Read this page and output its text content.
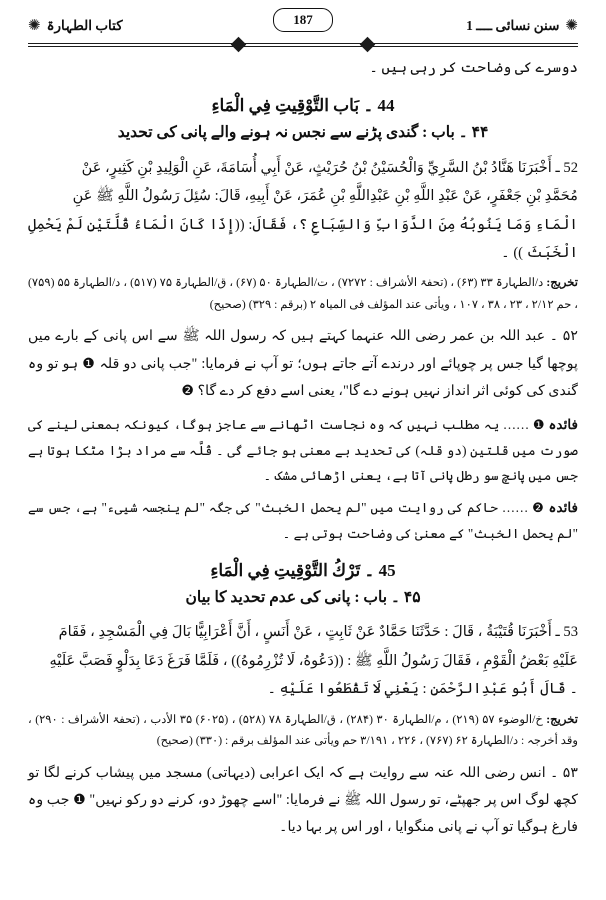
✺
سنن نسائی ــــ 1
کتاب الطہارۃ
✺	187

دوسرے کی وضاحت کر رہی ہیں ۔

44 ۔ بَاب التَّوْقِيتِ فِي الْمَاءِ
۴۴ ۔ باب : گندی پڑنے سے نجس نہ ہونے والے پانی کی تحدید

52 ـ أَخْبَرَنَا هَنَّادُ بْنُ السَّرِيِّ وَالْحُسَيْنُ بْنُ حُرَيْثٍ، عَنْ أَبِي أُسَامَةَ، عَنِ الْوَلِيدِ بْنِ كَثِيرٍ، عَنْ

مُحَمَّدِ بْنِ جَعْفَرٍ، عَنْ عَبْدِ اللَّهِ بْنِ عَبْدِاللَّهِ بْنِ عُمَرَ، عَنْ أَبِيهِ، قَالَ: سُئِلَ رَسُولُ اللَّهِ ﷺ عَنِ

الْمَاءِ وَمَا يَنُوبُهُ مِنَ الدَّوَابِّ وَالسِّبَاعِ ؟، فَقَالَ: ((إِذَا كَانَ الْمَاءُ قُلَّتَيْنِ لَمْ يَحْمِلِ الْخَبَثَ )) ۔

تخریج: د/الطہارۃ ۳۳ (۶۳) ، (تحفۃ الأشراف : ۷۲۷۲) ، ت/الطہارۃ ۵۰ (۶۷) ، ق/الطہارۃ ۷۵ (۵۱۷) ، د/الطہارۃ ۵۵ (۷۵۹) ، حم ۲/۱۲ ، ۲۳ ، ۳۸ ، ۱۰۷ ، ویأتی عند المؤلف فی المیاہ ۲ (برقم : ۳۲۹) (صحیح)

۵۲ ۔ عبد اللہ بن عمر رضی اللہ عنہما کہتے ہیں کہ رسول اللہ ﷺ سے اس پانی کے بارے میں پوچھا گیا جس پر چوپائے اور درندے آتے جاتے ہوں؛ تو آپ نے فرمایا: "جب پانی دو قلہ ❶ ہو تو وہ گندی کی کوئی اثر انداز نہیں ہونے دے گا"، یعنی اسے دفع کر دے گا؟ ❷

فائدہ ❶ …… یہ مطلب نہیں کہ وہ نجاست اٹھانے سے عاجز ہوگا، کیونکہ بمعنی لینے کی صورت میں قلتین (دو قلہ) کی تحدید بے معنی ہو جائے گی ۔ قُلَّہ سے مراد بڑا مٹکا ہوتا ہے جس میں پانچ سو رطل پانی آتا ہے، یعنی اڑھائی مشک ۔

فائدہ ❷ …… حاکم کی روایت میں "لم یحمل الخبث" کی جگہ "لم ینجسہ شییء" ہے، جس سے "لم یحمل الخبث" کے معنیٰ کی وضاحت ہوتی ہے ۔

45 ۔ تَرْكُ التَّوْقِيتِ فِي الْمَاءِ
۴۵ ۔ باب : پانی کی عدم تحدید کا بیان

53 ـ أَخْبَرَنَا قُتَيْبَةُ ، قَالَ : حَدَّثَنَا حَمَّادٌ عَنْ ثَابِتٍ ، عَنْ أَنَسٍ ، أَنَّ أَعْرَابِيًّا بَالَ فِي الْمَسْجِدِ ، فَقَامَ

عَلَيْهِ بَعْضُ الْقَوْمِ ، فَقَالَ رَسُولُ اللَّهِ ﷺ : ((دَعُوهُ، لَا تُزْرِمُوهُ)) ، فَلَمَّا فَرَغَ دَعَا بِدَلْوٍ فَصَبَّ عَلَيْهِ

۔ قَالَ أَبُو عَبْدِالرَّحْمَنِ : يَعْنِي لَا تَقْطَعُوا عَلَيْهِ ۔

تخریج: خ/الوضوء ۵۷ (۲۱۹) ، م/الطہارۃ ۳۰ (۲۸۴) ، ق/الطہارۃ ۷۸ (۵۲۸) ، (۶۰۲۵) ۳۵ الأدب ، (تحفۃ الأشراف : ۲۹۰) ، وقد أخرجہ : د/الطہارۃ ۶۲ (۷۶۷) ، ۲۲۶ ، ۳/۱۹۱ حم ویأتی عند المؤلف برقم : (۳۳۰) (صحیح)

۵۳ ۔ انس رضی اللہ عنہ سے روایت ہے کہ ایک اعرابی (دیہاتی) مسجد میں پیشاب کرنے لگا تو کچھ لوگ اس پر جھپٹے، تو رسول اللہ ﷺ نے فرمایا: "اسے چھوڑ دو، کرنے دو رکو نہیں" ❶ جب وہ فارغ ہوگیا تو آپ نے پانی منگوایا ، اور اس پر بہا دیا۔
